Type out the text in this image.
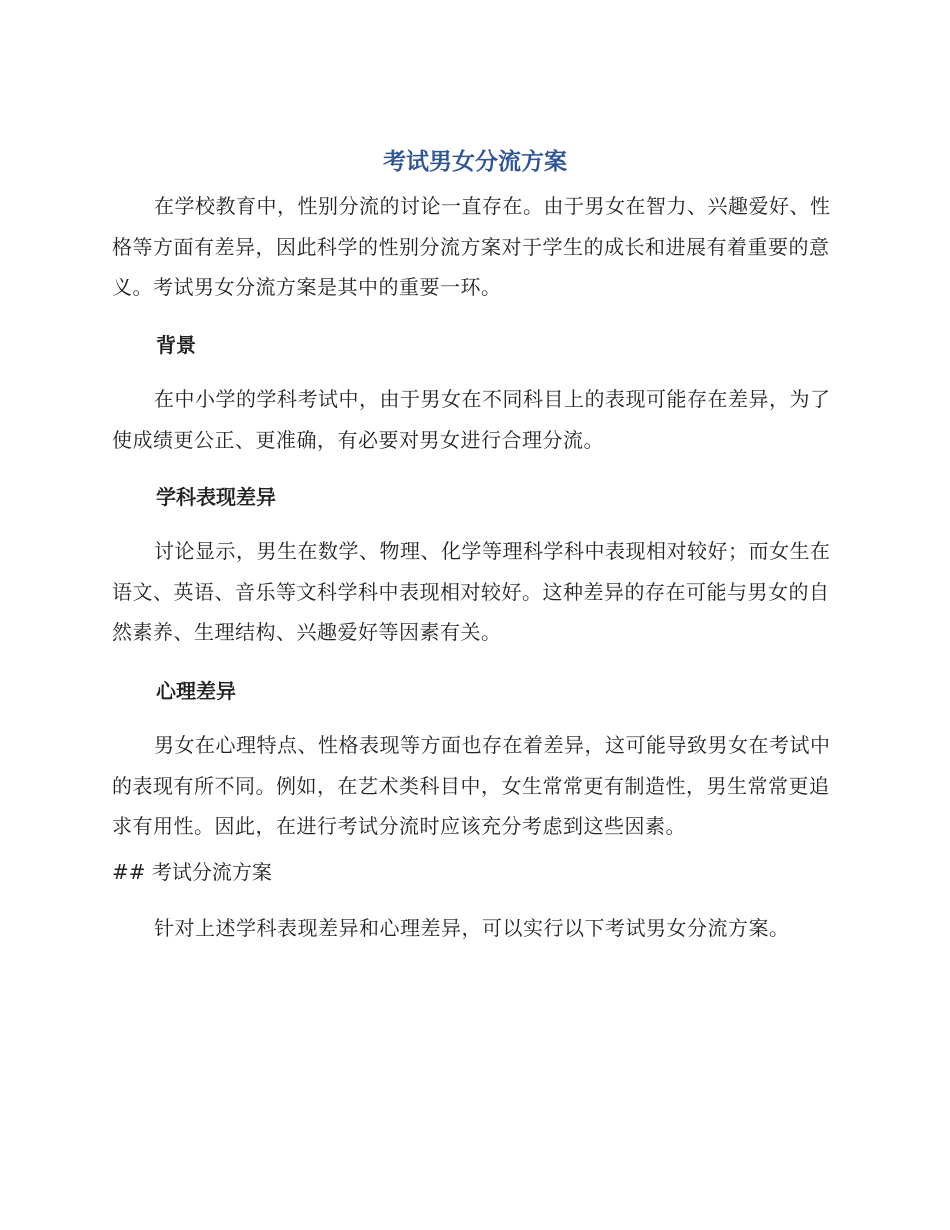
考试男女分流方案

在学校教育中，性别分流的讨论一直存在。由于男女在智力、兴趣爱好、性格等方面有差异，因此科学的性别分流方案对于学生的成长和进展有着重要的意义。考试男女分流方案是其中的重要一环。

背景

在中小学的学科考试中，由于男女在不同科目上的表现可能存在差异，为了使成绩更公正、更准确，有必要对男女进行合理分流。

学科表现差异

讨论显示，男生在数学、物理、化学等理科学科中表现相对较好；而女生在语文、英语、音乐等文科学科中表现相对较好。这种差异的存在可能与男女的自然素养、生理结构、兴趣爱好等因素有关。

心理差异

男女在心理特点、性格表现等方面也存在着差异，这可能导致男女在考试中的表现有所不同。例如，在艺术类科目中，女生常常更有制造性，男生常常更追求有用性。因此，在进行考试分流时应该充分考虑到这些因素。

## 考试分流方案

针对上述学科表现差异和心理差异，可以实行以下考试男女分流方案。
